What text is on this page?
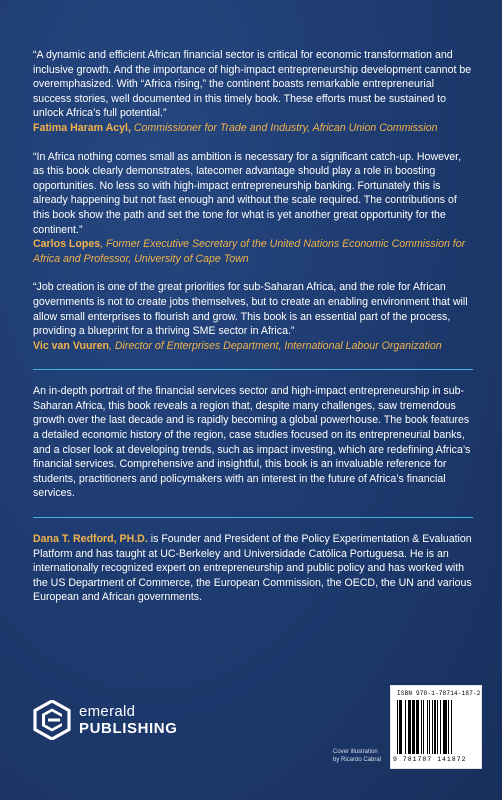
“A dynamic and efficient African financial sector is critical for economic transformation and inclusive growth. And the importance of high-impact entrepreneurship development cannot be overemphasized. With “Africa rising,” the continent boasts remarkable entrepreneurial success stories, well documented in this timely book. These efforts must be sustained to unlock Africa’s full potential.”

Fatima Haram Acyl, Commissioner for Trade and Industry, African Union Commission

“In Africa nothing comes small as ambition is necessary for a significant catch-up. However, as this book clearly demonstrates, latecomer advantage should play a role in boosting opportunities. No less so with high-impact entrepreneurship banking. Fortunately this is already happening but not fast enough and without the scale required. The contributions of this book show the path and set the tone for what is yet another great opportunity for the continent.”

Carlos Lopes, Former Executive Secretary of the United Nations Economic Commission for Africa and Professor, University of Cape Town

“Job creation is one of the great priorities for sub-Saharan Africa, and the role for African governments is not to create jobs themselves, but to create an enabling environment that will allow small enterprises to flourish and grow. This book is an essential part of the process, providing a blueprint for a thriving SME sector in Africa.”

Vic van Vuuren, Director of Enterprises Department, International Labour Organization

An in-depth portrait of the financial services sector and high-impact entrepreneurship in sub-Saharan Africa, this book reveals a region that, despite many challenges, saw tremendous growth over the last decade and is rapidly becoming a global powerhouse. The book features a detailed economic history of the region, case studies focused on its entrepreneurial banks, and a closer look at developing trends, such as impact investing, which are redefining Africa’s financial services. Comprehensive and insightful, this book is an invaluable reference for students, practitioners and policymakers with an interest in the future of Africa’s financial services.

Dana T. Redford, PH.D. is Founder and President of the Policy Experimentation & Evaluation Platform and has taught at UC-Berkeley and Universidade Católica Portuguesa. He is an internationally recognized expert on entrepreneurship and public policy and has worked with the US Department of Commerce, the European Commission, the OECD, the UN and various European and African governments.

emerald
PUBLISHING
Cover illustration
by Ricardo Cabral
ISBN 978-1-78714-187-2
9 781787 141872
